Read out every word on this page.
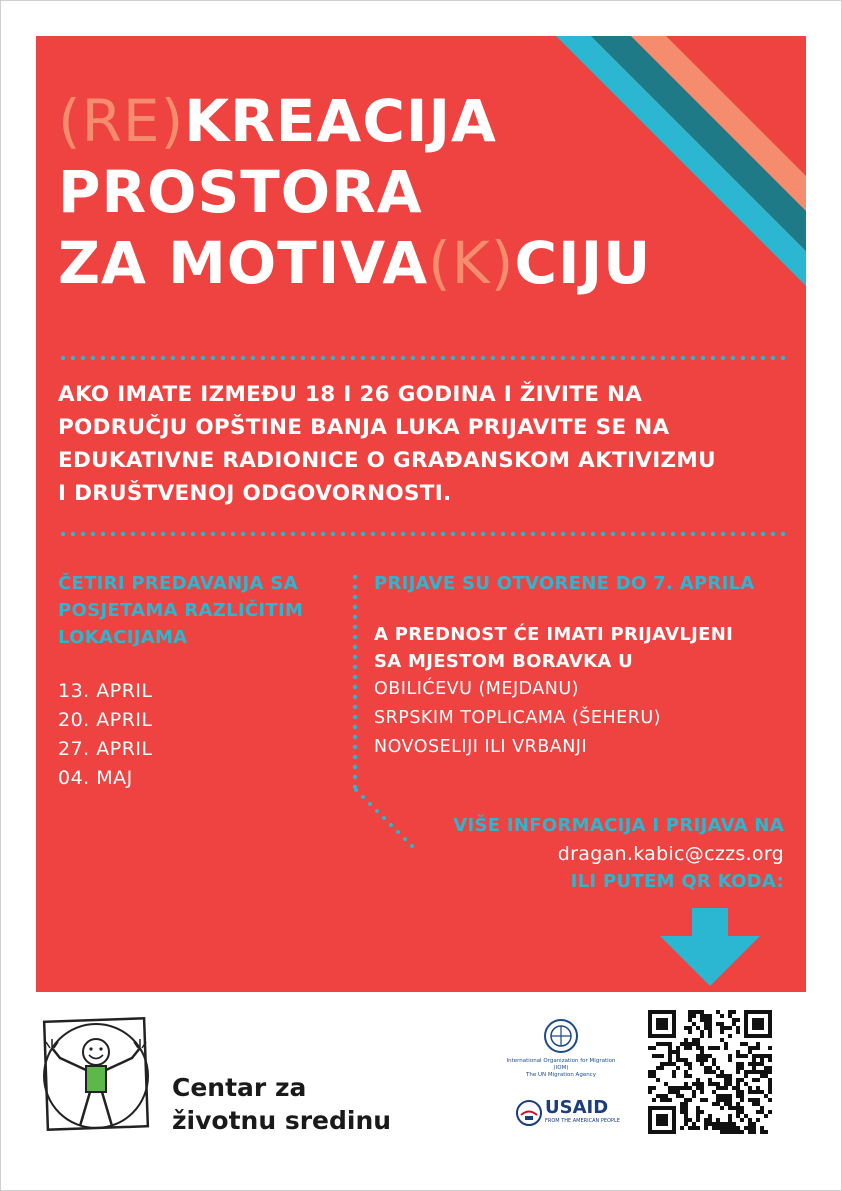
(RE)KREACIJA
PROSTORA
ZA MOTIVA(K)CIJU
AKO IMATE IZMEĐU 18 I 26 GODINA I ŽIVITE NA
PODRUČJU OPŠTINE BANJA LUKA PRIJAVITE SE NA
EDUKATIVNE RADIONICE O GRAĐANSKOM AKTIVIZMU
I DRUŠTVENOJ ODGOVORNOSTI.
ČETIRI PREDAVANJA SA
POSJETAMA RAZLIČITIM
LOKACIJAMA
13. APRIL
20. APRIL
27. APRIL
04. MAJ
PRIJAVE SU OTVORENE DO 7. APRILA
A PREDNOST ĆE IMATI PRIJAVLJENI
SA MJESTOM BORAVKA U
OBILIĆEVU (MEJDANU)
SRPSKIM TOPLICAMA (ŠEHERU)
NOVOSELIJI ILI VRBANJI
VIŠE INFORMACIJA I PRIJAVA NA
dragan.kabic@czzs.org
ILI PUTEM QR KODA:
Centar za
životnu sredinu
International Organization for Migration (IOM)
The UN Migration Agency
USAID
FROM THE AMERICAN PEOPLE
